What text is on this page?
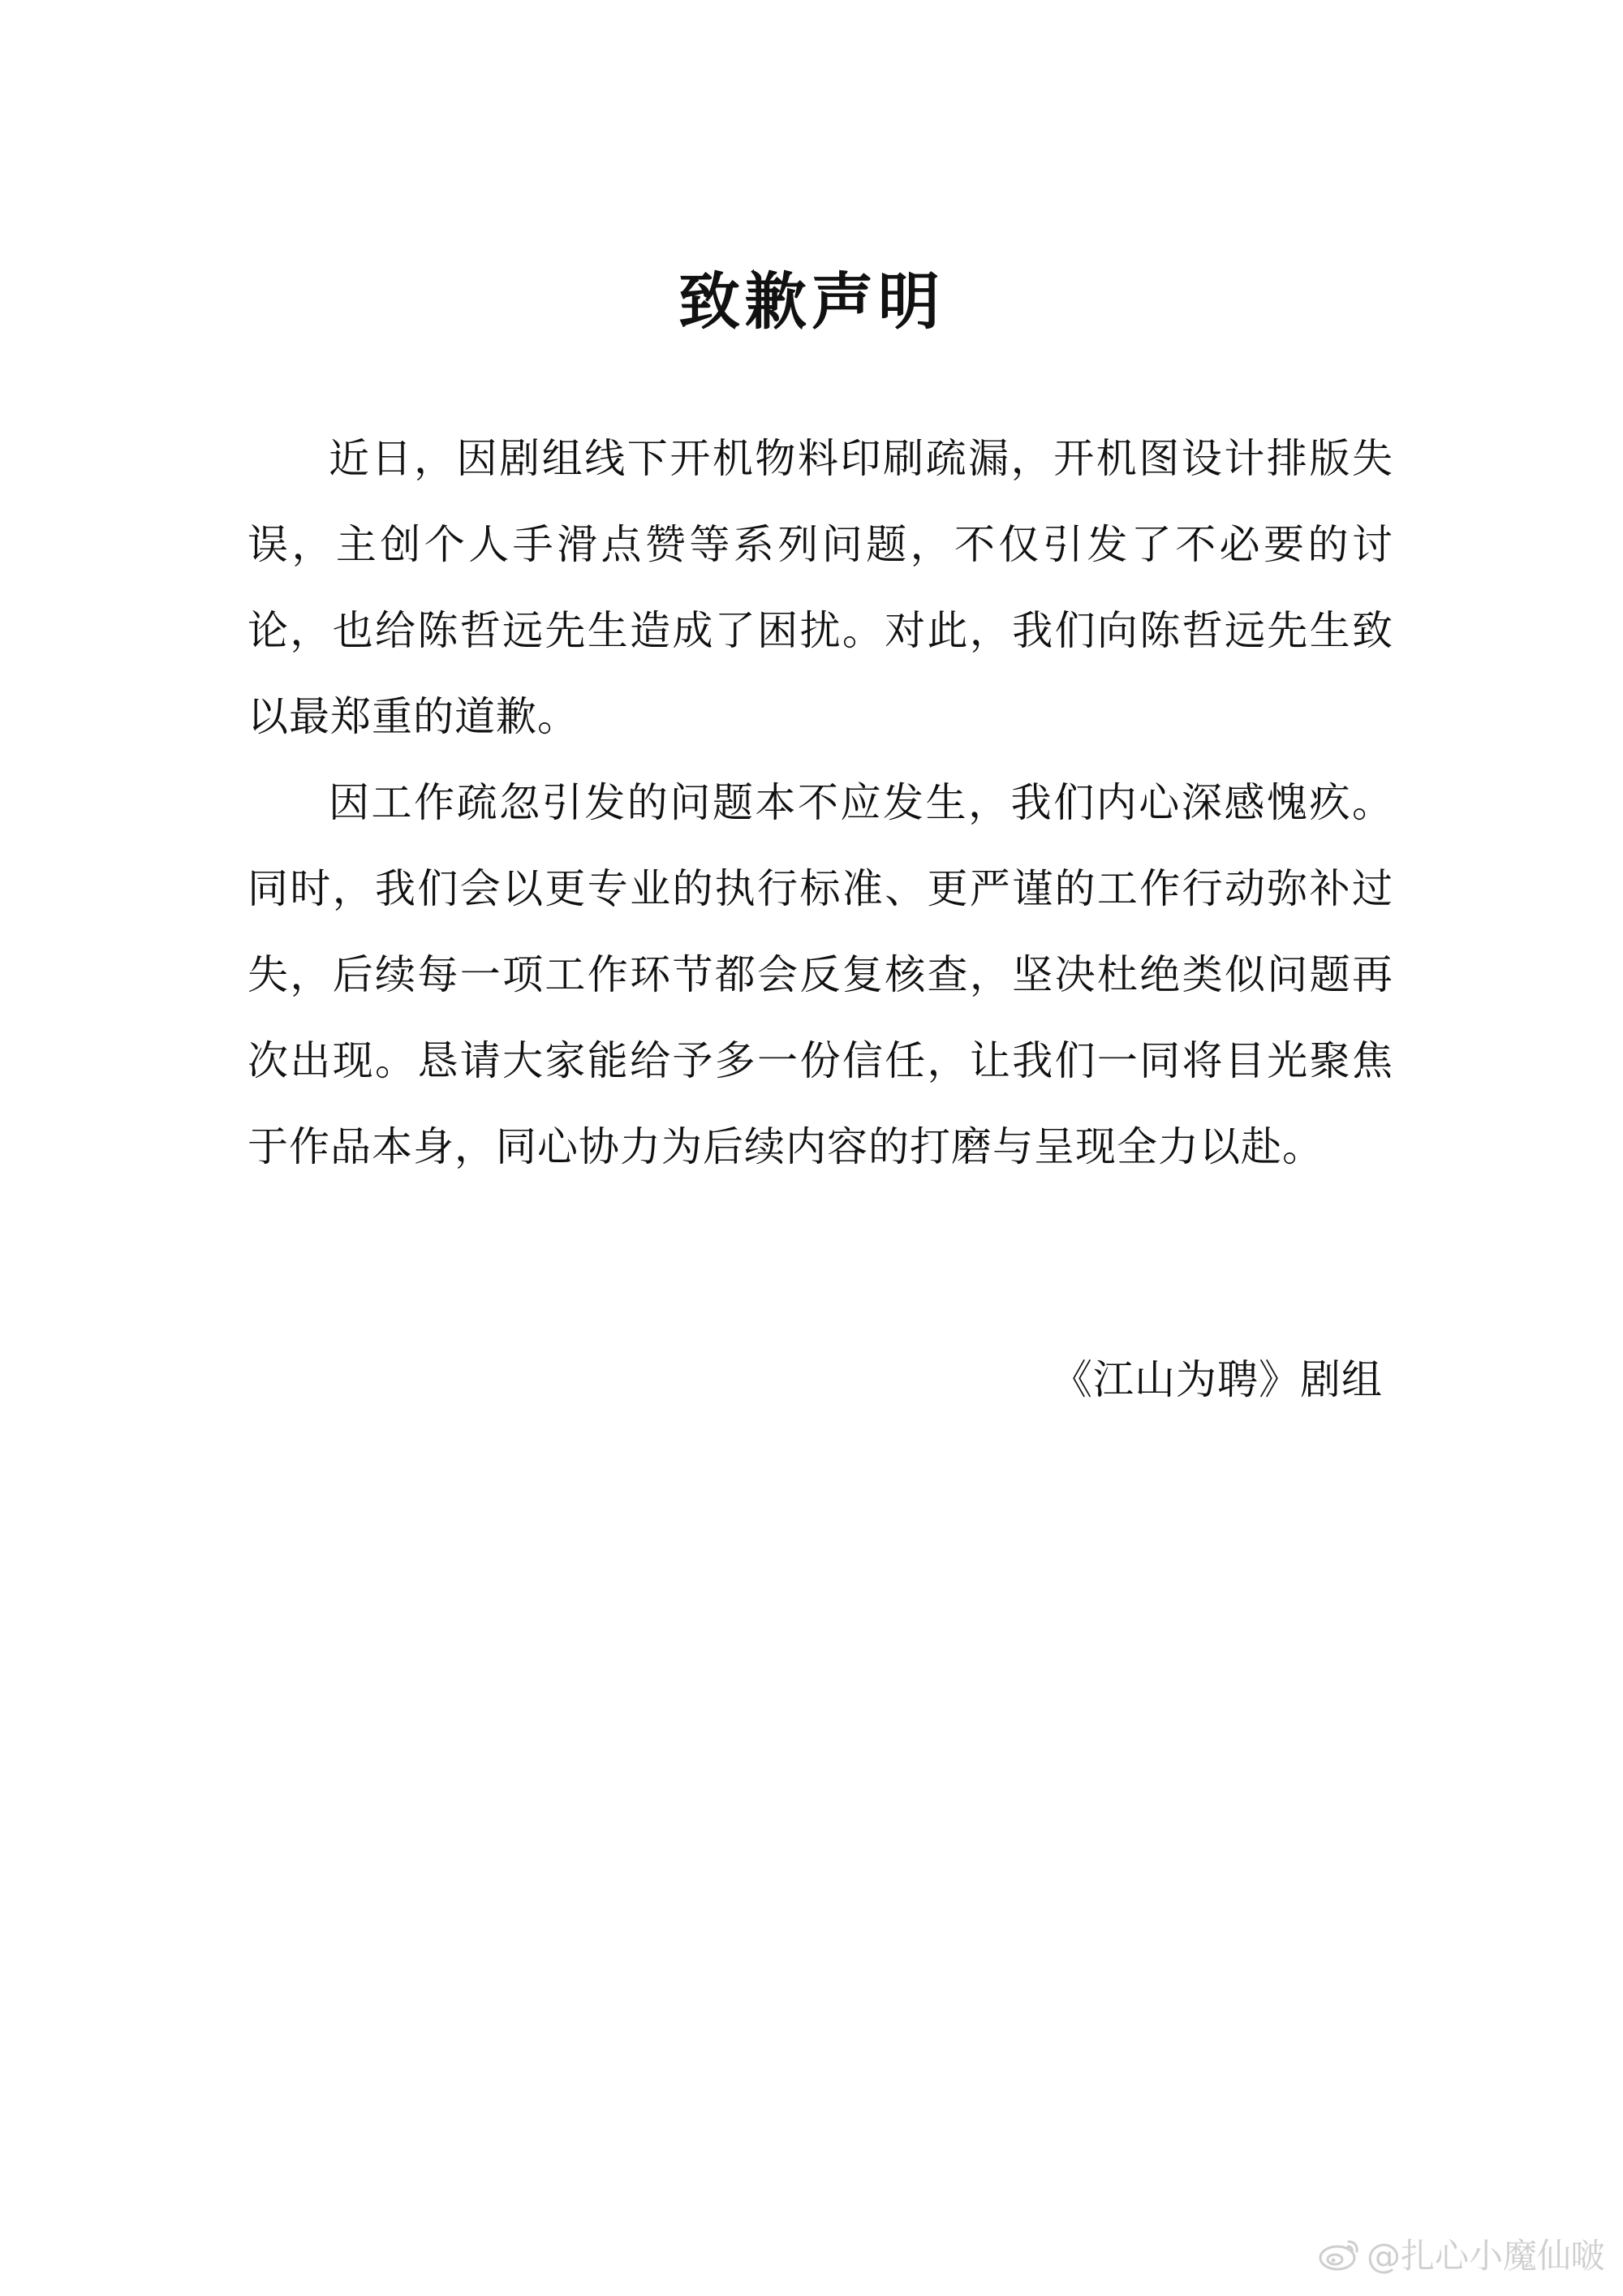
致歉声明

近日，因剧组线下开机物料印刷疏漏，开机图设计排版失误，主创个人手滑点赞等系列问题，不仅引发了不必要的讨论，也给陈哲远先生造成了困扰。对此，我们向陈哲远先生致以最郑重的道歉。

因工作疏忽引发的问题本不应发生，我们内心深感愧疚。同时，我们会以更专业的执行标准、更严谨的工作行动弥补过失，后续每一项工作环节都会反复核查，坚决杜绝类似问题再次出现。恳请大家能给予多一份信任，让我们一同将目光聚焦于作品本身，同心协力为后续内容的打磨与呈现全力以赴。

《江山为聘》剧组
@扎心小魔仙啵
